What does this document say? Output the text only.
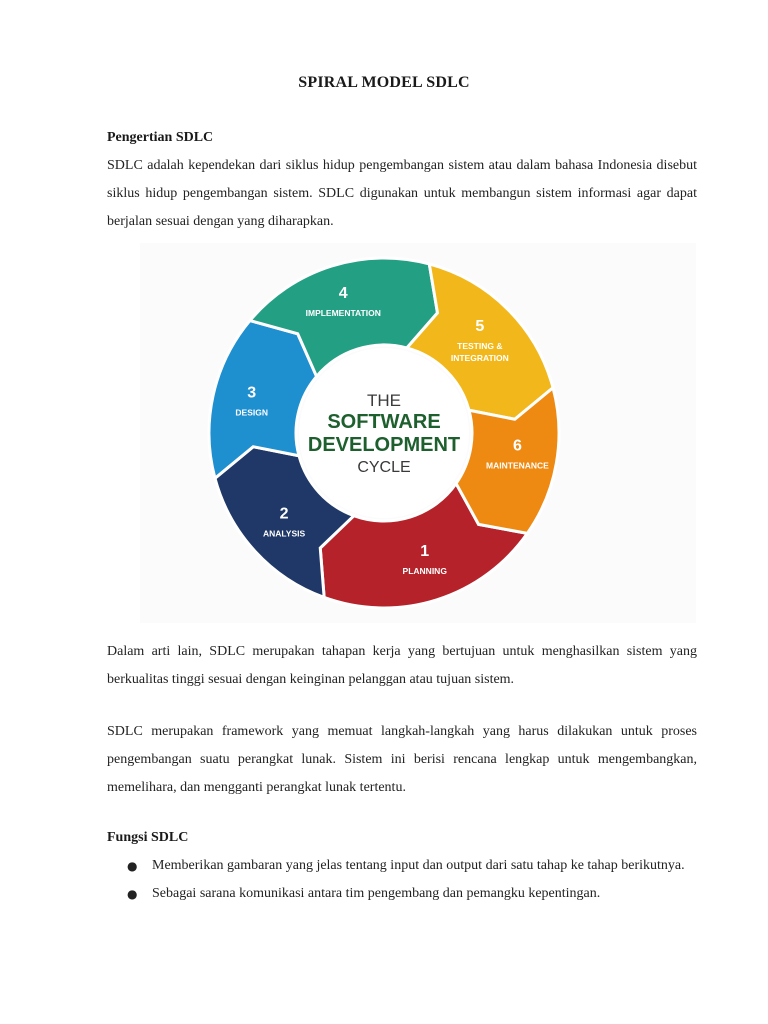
SPIRAL MODEL SDLC
Pengertian SDLC
SDLC adalah kependekan dari siklus hidup pengembangan sistem atau dalam bahasa Indonesia disebut siklus hidup pengembangan sistem. SDLC digunakan untuk membangun sistem informasi agar dapat berjalan sesuai dengan yang diharapkan.
THE
SOFTWARE
DEVELOPMENT
CYCLE
1
PLANNING
2
ANALYSIS
3
DESIGN
4
IMPLEMENTATION
5
TESTING &
INTEGRATION
6
MAINTENANCE
Dalam arti lain, SDLC merupakan tahapan kerja yang bertujuan untuk menghasilkan sistem yang berkualitas tinggi sesuai dengan keinginan pelanggan atau tujuan sistem.
SDLC merupakan framework yang memuat langkah-langkah yang harus dilakukan untuk proses pengembangan suatu perangkat lunak. Sistem ini berisi rencana lengkap untuk mengembangkan, memelihara, dan mengganti perangkat lunak tertentu.
Fungsi SDLC
● Memberikan gambaran yang jelas tentang input dan output dari satu tahap ke tahap berikutnya.
● Sebagai sarana komunikasi antara tim pengembang dan pemangku kepentingan.
